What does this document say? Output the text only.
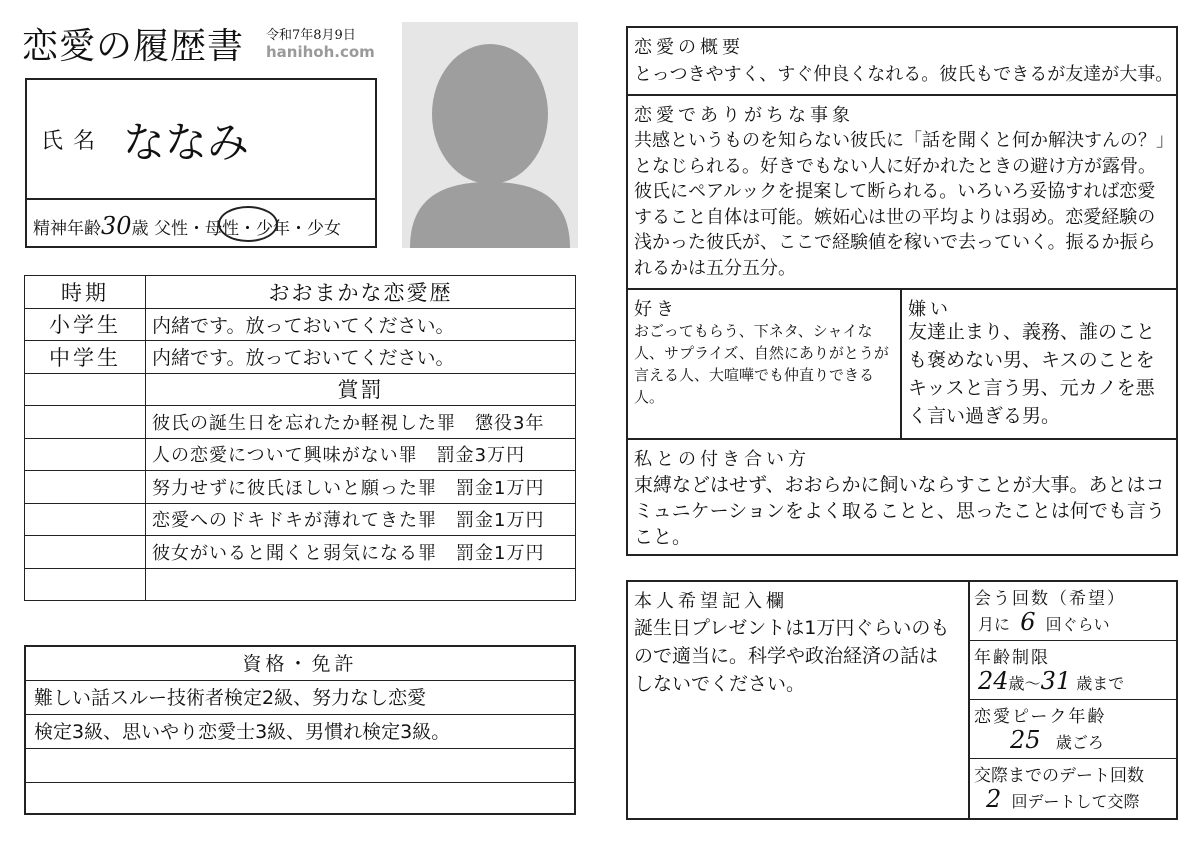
恋愛の履歴書 令和7年8月9日
hanihoh.com
氏名 ななみ
精神年齢30歳 父性・母性・少年・少女
時期	おおまかな恋愛歴
小学生	内緒です。放っておいてください。
中学生	内緒です。放っておいてください。
	賞罰
	彼氏の誕生日を忘れたか軽視した罪　懲役3年
	人の恋愛について興味がない罪　罰金3万円
	努力せずに彼氏ほしいと願った罪　罰金1万円
	恋愛へのドキドキが薄れてきた罪　罰金1万円
	彼女がいると聞くと弱気になる罪　罰金1万円

資格・免許
難しい話スルー技術者検定2級、努力なし恋愛
検定3級、思いやり恋愛士3級、男慣れ検定3級。
恋愛の概要
とっつきやすく、すぐ仲良くなれる。彼氏もできるが友達が大事。
恋愛でありがちな事象
共感というものを知らない彼氏に「話を聞くと何か解決すんの？」となじられる。好きでもない人に好かれたときの避け方が露骨。彼氏にペアルックを提案して断られる。いろいろ妥協すれば恋愛すること自体は可能。嫉妬心は世の平均よりは弱め。恋愛経験の浅かった彼氏が、ここで経験値を稼いで去っていく。振るか振られるかは五分五分。
好き
おごってもらう、下ネタ、シャイな人、サプライズ、自然にありがとうが言える人、大喧嘩でも仲直りできる人。
嫌い
友達止まり、義務、誰のことも褒めない男、キスのことをキッスと言う男、元カノを悪く言い過ぎる男。
私との付き合い方
束縛などはせず、おおらかに飼いならすことが大事。あとはコミュニケーションをよく取ることと、思ったことは何でも言うこと。
本人希望記入欄
誕生日プレゼントは1万円ぐらいのもので適当に。科学や政治経済の話はしないでください。
会う回数（希望）
月に 6 回ぐらい
年齢制限
24歳～31 歳まで
恋愛ピーク年齢
25 歳ごろ
交際までのデート回数
2 回デートして交際
